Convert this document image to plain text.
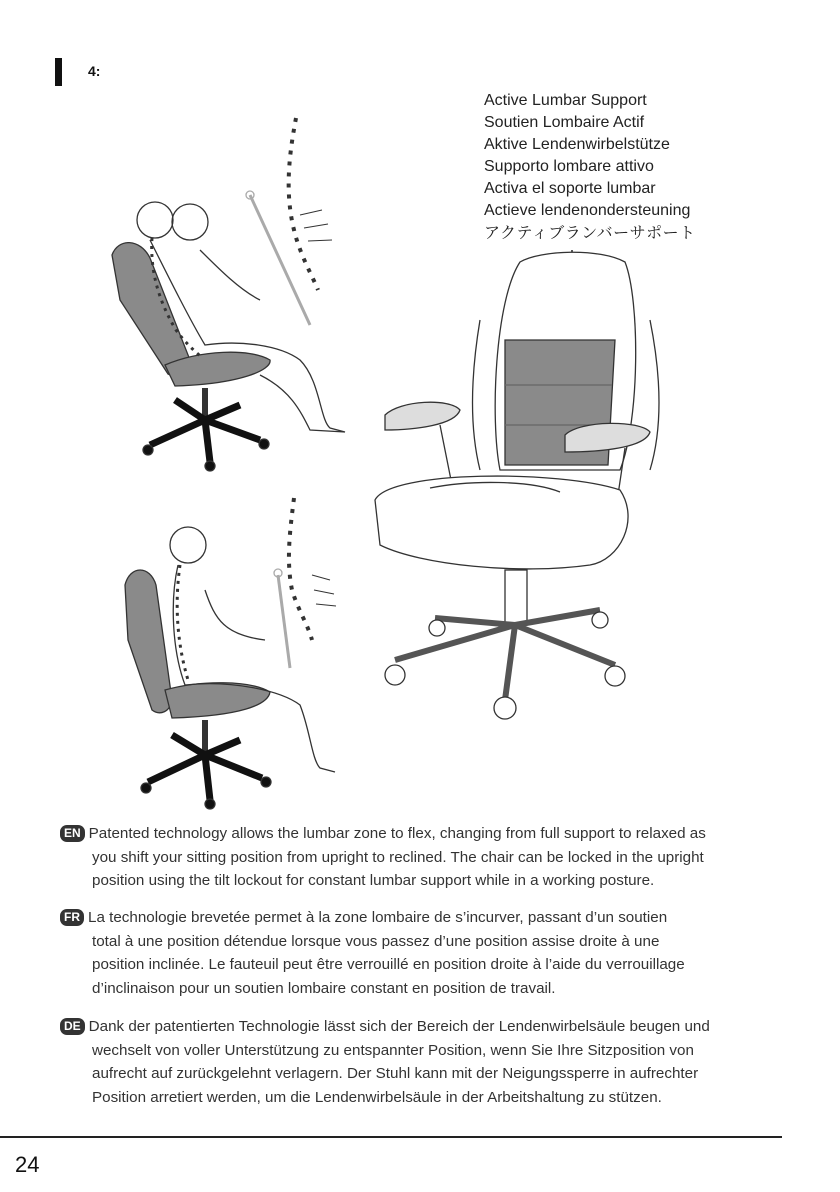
4:
Active Lumbar Support
Soutien Lombaire Actif
Aktive Lendenwirbelstütze
Supporto lombare attivo
Activa el soporte lumbar
Actieve lendenondersteuning
アクティブランバーサポート
EN Patented technology allows the lumbar zone to flex, changing from full support to relaxed as
you shift your sitting position from upright to reclined. The chair can be locked in the upright
position using the tilt lockout for constant lumbar support while in a working posture.
FR La technologie brevetée permet à la zone lombaire de s’incurver, passant d’un soutien
total à une position détendue lorsque vous passez d’une position assise droite à une
position inclinée. Le fauteuil peut être verrouillé en position droite à l’aide du verrouillage
d’inclinaison pour un soutien lombaire constant en position de travail.
DE Dank der patentierten Technologie lässt sich der Bereich der Lendenwirbelsäule beugen und
wechselt von voller Unterstützung zu entspannter Position, wenn Sie Ihre Sitzposition von
aufrecht auf zurückgelehnt verlagern. Der Stuhl kann mit der Neigungssperre in aufrechter
Position arretiert werden, um die Lendenwirbelsäule in der Arbeitshaltung zu stützen.
24
